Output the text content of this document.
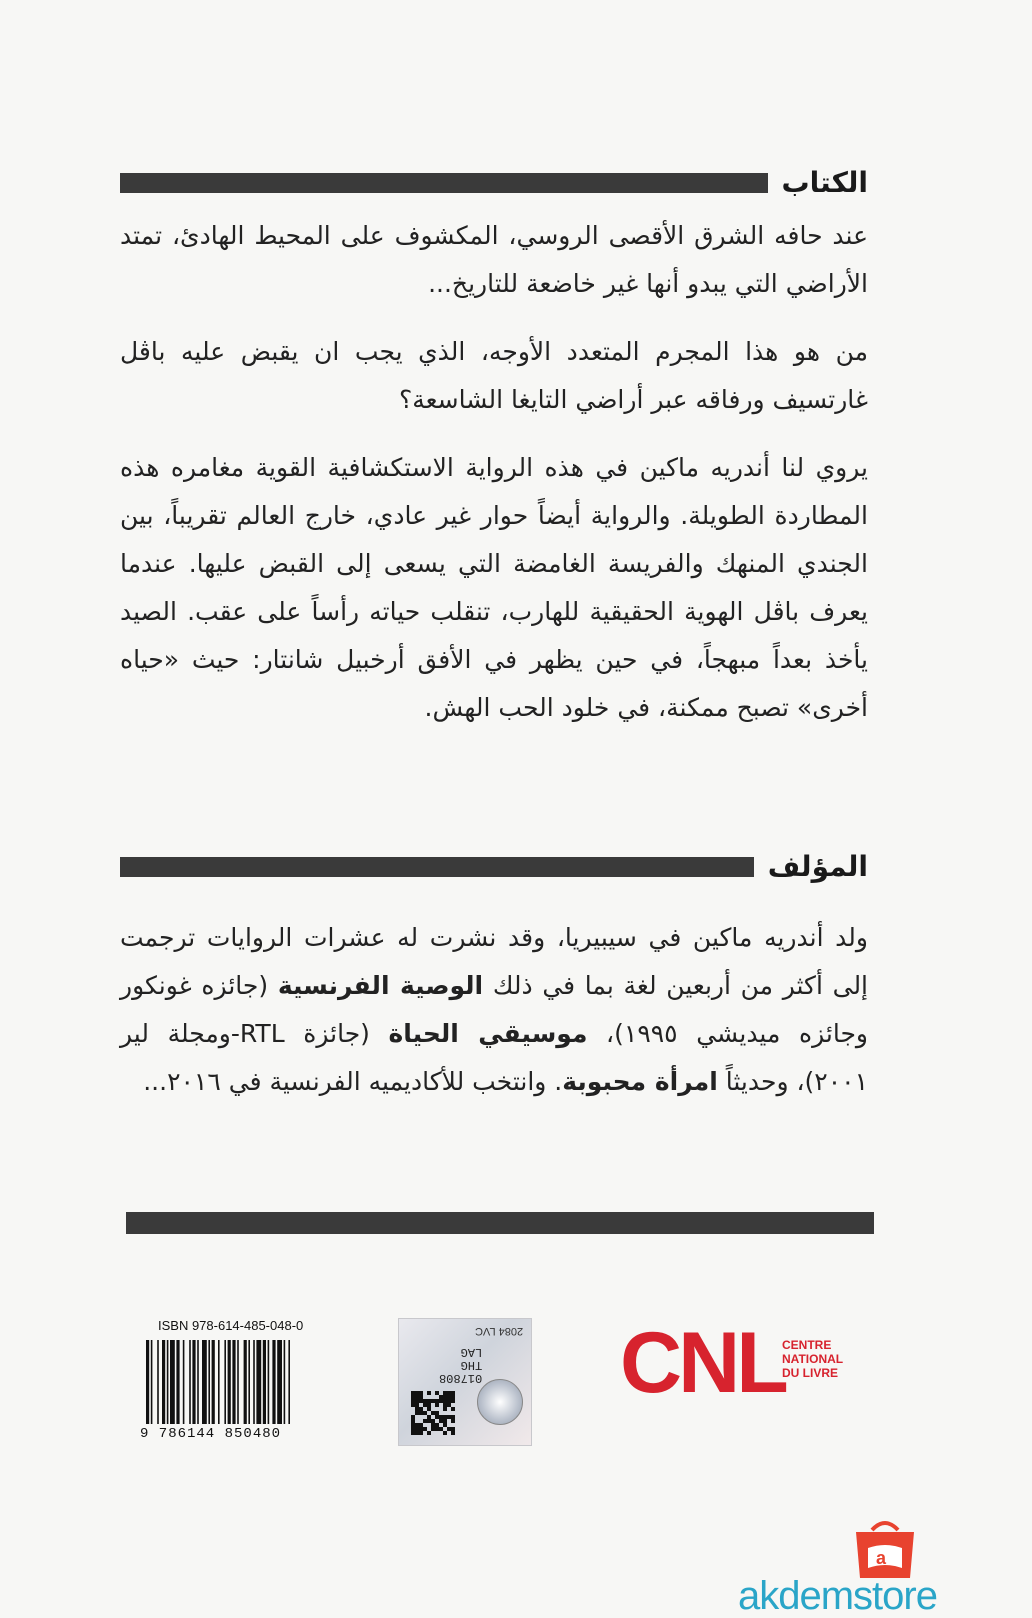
الكتاب

عند حافه الشرق الأقصى الروسي، المكشوف على المحيط الهادئ، تمتد الأراضي التي يبدو أنها غير خاضعة للتاريخ...

من هو هذا المجرم المتعدد الأوجه، الذي يجب ان يقبض عليه باڤل غارتسيف ورفاقه عبر أراضي التايغا الشاسعة؟

يروي لنا أندريه ماكين في هذه الرواية الاستكشافية القوية مغامره هذه المطاردة الطويلة. والرواية أيضاً حوار غير عادي، خارج العالم تقريباً، بين الجندي المنهك والفريسة الغامضة التي يسعى إلى القبض عليها. عندما يعرف باڤل الهوية الحقيقية للهارب، تنقلب حياته رأساً على عقب. الصيد يأخذ بعداً مبهجاً، في حين يظهر في الأفق أرخبيل شانتار: حيث «حياه أخرى» تصبح ممكنة، في خلود الحب الهش.

المؤلف

ولد أندريه ماكين في سيبيريا، وقد نشرت له عشرات الروايات ترجمت إلى أكثر من أربعين لغة بما في ذلك الوصية الفرنسية (جائزه غونكور وجائزه ميديشي ١٩٩٥)، موسيقي الحياة (جائزة RTL-ومجلة لير ٢٠٠١)، وحديثاً امرأة محبوبة. وانتخب للأكاديميه الفرنسية في ٢٠١٦...

ISBN 978-614-485-048-0
9 786144 850480
2084 LVC
017808
THG
LAG CNL
CENTRE
NATIONAL
DU LIVRE
a
akdemstore
